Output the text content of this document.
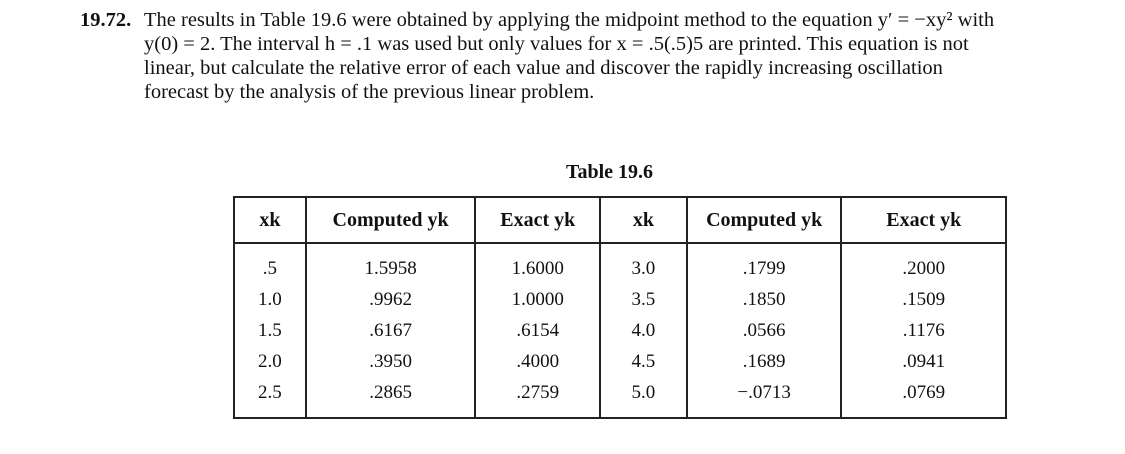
19.72. The results in Table 19.6 were obtained by applying the midpoint method to the equation y′ = −xy² with
y(0) = 2. The interval h = .1 was used but only values for x = .5(.5)5 are printed. This equation is not
linear, but calculate the relative error of each value and discover the rapidly increasing oscillation
forecast by the analysis of the previous linear problem.
Table 19.6
xk	Computed yk	Exact yk	xk	Computed yk	Exact yk
.5	1.5958	1.6000	3.0	.1799	.2000
1.0	.9962	1.0000	3.5	.1850	.1509
1.5	.6167	.6154	4.0	.0566	.1176
2.0	.3950	.4000	4.5	.1689	.0941
2.5	.2865	.2759	5.0	−.0713	.0769
